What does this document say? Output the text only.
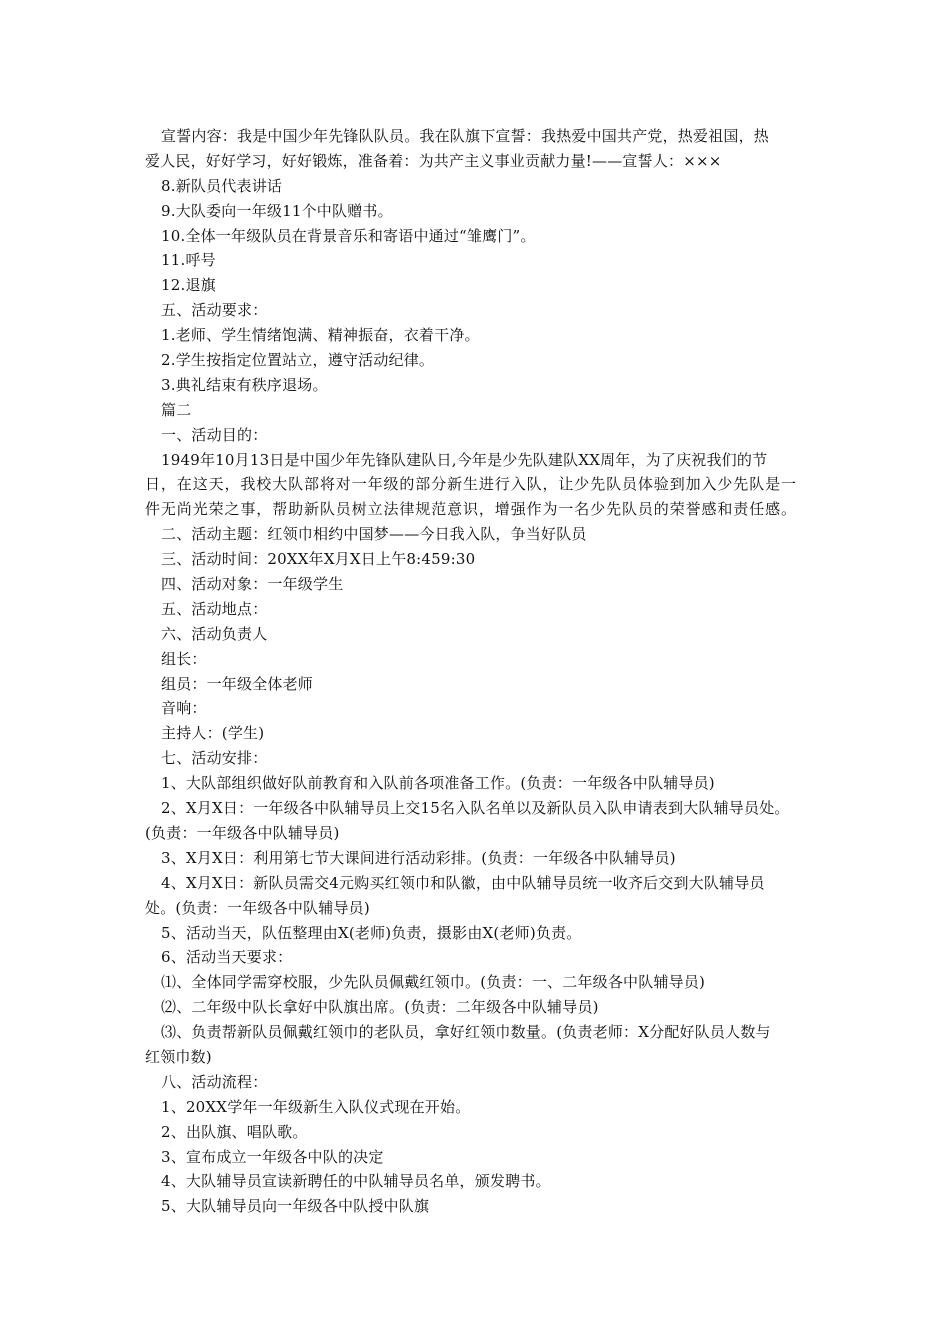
宣誓内容：我是中国少年先锋队队员。我在队旗下宣誓：我热爱中国共产党，热爱祖国，热
爱人民，好好学习，好好锻炼，准备着：为共产主义事业贡献力量!——宣誓人：×××
8.新队员代表讲话
9.大队委向一年级11个中队赠书。
10.全体一年级队员在背景音乐和寄语中通过“雏鹰门”。
11.呼号
12.退旗
五、活动要求：
1.老师、学生情绪饱满、精神振奋，衣着干净。
2.学生按指定位置站立，遵守活动纪律。
3.典礼结束有秩序退场。
篇二
一、活动目的：
1949年10月13日是中国少年先锋队建队日,今年是少先队建队XX周年，为了庆祝我们的节
日，在这天，我校大队部将对一年级的部分新生进行入队，让少先队员体验到加入少先队是一
件无尚光荣之事，帮助新队员树立法律规范意识，增强作为一名少先队员的荣誉感和责任感。
二、活动主题：红领巾相约中国梦——今日我入队，争当好队员
三、活动时间：20XX年X月X日上午8:459:30
四、活动对象：一年级学生
五、活动地点：
六、活动负责人
组长：
组员：一年级全体老师
音响：
主持人：(学生)
七、活动安排：
1、大队部组织做好队前教育和入队前各项准备工作。(负责：一年级各中队辅导员)
2、X月X日：一年级各中队辅导员上交15名入队名单以及新队员入队申请表到大队辅导员处。
(负责：一年级各中队辅导员)
3、X月X日：利用第七节大课间进行活动彩排。(负责：一年级各中队辅导员)
4、X月X日：新队员需交4元购买红领巾和队徽，由中队辅导员统一收齐后交到大队辅导员
处。(负责：一年级各中队辅导员)
5、活动当天，队伍整理由X(老师)负责，摄影由X(老师)负责。
6、活动当天要求：
⑴、全体同学需穿校服，少先队员佩戴红领巾。(负责：一、二年级各中队辅导员)
⑵、二年级中队长拿好中队旗出席。(负责：二年级各中队辅导员)
⑶、负责帮新队员佩戴红领巾的老队员，拿好红领巾数量。(负责老师：X分配好队员人数与
红领巾数)
八、活动流程：
1、20XX学年一年级新生入队仪式现在开始。
2、出队旗、唱队歌。
3、宣布成立一年级各中队的决定
4、大队辅导员宣读新聘任的中队辅导员名单，颁发聘书。
5、大队辅导员向一年级各中队授中队旗
